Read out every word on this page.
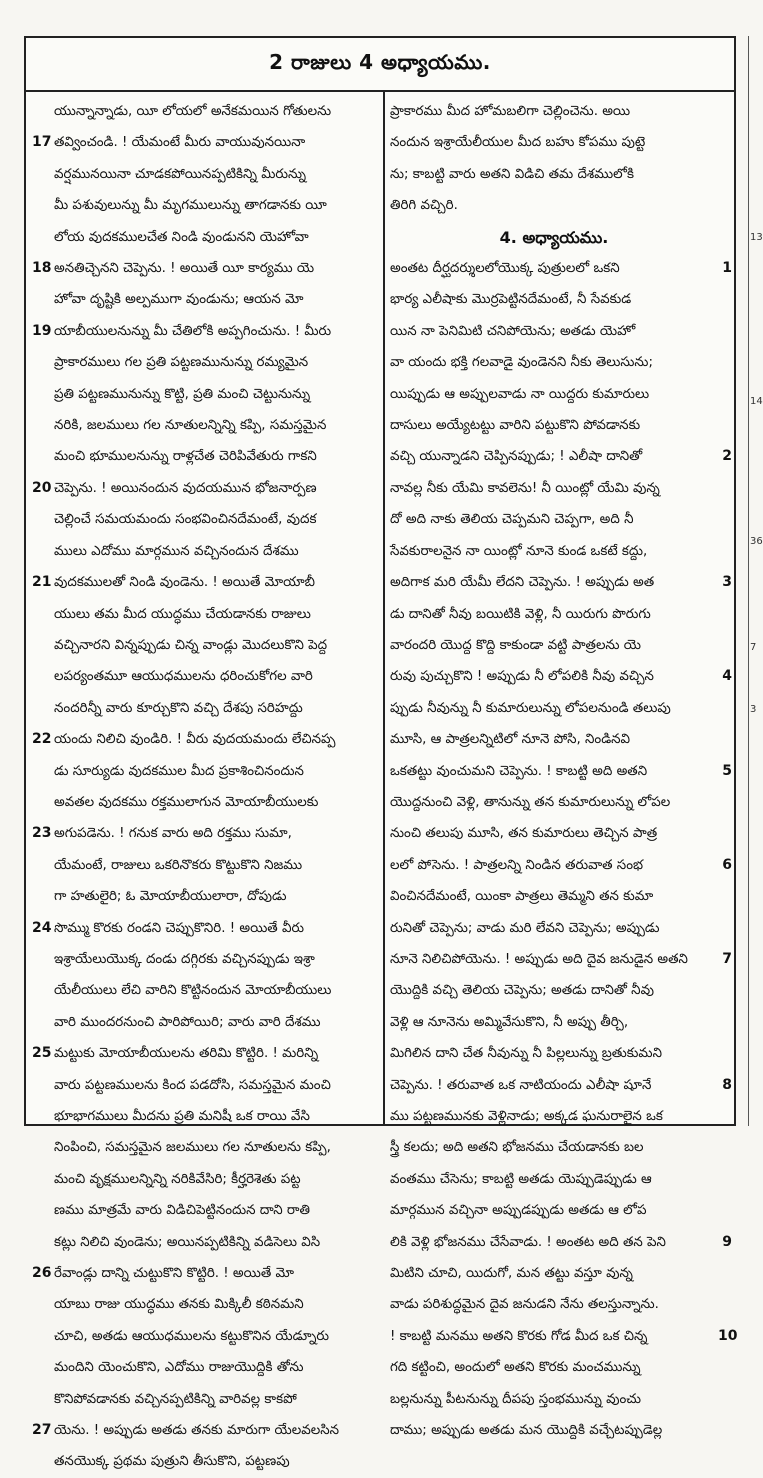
2 రాజులు 4 అధ్యాయము.
యున్నాన్నాడు, యీ లోయలో అనేకమయిన గోతులను
17 తవ్వించండి. ! యేమంటే మీరు వాయువునయినా
వర్షమునయినా చూడకపోయినప్పటికిన్ని మీరున్ను
మీ పశువులున్ను మీ మృగములున్ను తాగడానకు యీ
లోయ వుదకములచేత నిండి వుండునని యెహోవా
18 అనతిచ్చెనని చెప్పెను. ! అయితే యీ కార్యము యె
హోవా దృష్టికి అల్పముగా వుండును; ఆయన మో
19 యాబీయులనున్ను మీ చేతిలోకి అప్పగించును. ! మీరు
ప్రాకారములు గల ప్రతి పట్టణమునున్ను రమ్యమైన
ప్రతి పట్టణమునున్ను కొట్టి, ప్రతి మంచి చెట్టునున్ను
నరికి, జలములు గల నూతులన్నిన్ని కప్పి, సమస్తమైన
మంచి భూములనున్ను రాళ్లచేత చెరిపివేతురు గాకని
20 చెప్పెను. ! అయినందున వుదయమున భోజనార్పణ
చెల్లించే సమయమందు సంభవించినదేమంటే, వుదక
ములు ఎదోము మార్గమున వచ్చినందున దేశము
21 వుదకములతో నిండి వుండెను. ! అయితే మోయాబీ
యులు తమ మీద యుద్ధము చేయడానకు రాజులు
వచ్చినారని విన్నప్పుడు చిన్న వాండ్లు మొదలుకొని పెద్ద
లపర్యంతమూ ఆయుధములను ధరించుకోగల వారి
నందరిన్నీ వారు కూర్చుకొని వచ్చి దేశపు సరిహద్దు
22 యందు నిలిచి వుండిరి. ! వీరు వుదయమందు లేచినప్ప
డు సూర్యుడు వుదకముల మీద ప్రకాశించినందున
అవతల వుదకము రక్తములాగున మోయాబీయులకు
23 అగుపడెను. ! గనుక వారు అది రక్తము సుమా,
యేమంటే, రాజులు ఒకరినొకరు కొట్టుకొని నిజము
గా హతులైరి; ఓ మోయాబీయులారా, దోపుడు
24 సొమ్ము కొరకు రండని చెప్పుకొనిరి. ! అయితే వీరు
ఇశ్రాయేలుయొక్క దండు దగ్గిరకు వచ్చినప్పుడు ఇశ్రా
యేలీయులు లేచి వారిని కొట్టినందున మోయాబీయులు
వారి ముందరనుంచి పారిపోయిరి; వారు వారి దేశము
25 మట్టుకు మోయాబీయులను తరిమి కొట్టిరి. ! మరిన్ని
వారు పట్టణములను కింద పడదోసి, సమస్తమైన మంచి
భూభాగములు మీదను ప్రతి మనిషీ ఒక రాయి వేసి
నింపించి, సమస్తమైన జలములు గల నూతులను కప్పి,
మంచి వృక్షములన్నిన్ని నరికివేసిరి; కీర్హరెశెతు పట్ట
ణము మాత్రమే వారు విడిచిపెట్టినందున దాని రాతి
కట్లు నిలిచి వుండెను; అయినప్పటికిన్ని వడిసెలు విసి
26 రేవాండ్లు దాన్ని చుట్టుకొని కొట్టిరి. ! అయితే మో
యాబు రాజు యుద్ధము తనకు మిక్కిలీ కఠినమని
చూచి, అతడు ఆయుధములను కట్టుకొనిన యేడ్నూరు
మందిని యెంచుకొని, ఎదోము రాజుయొద్దికి తోను
కొనిపోవడానకు వచ్చినప్పటికిన్ని వారివల్ల కాకపో
27 యెను. ! అప్పుడు అతడు తనకు మారుగా యేలవలసిన
తనయొక్క ప్రథమ పుత్రుని తీసుకొని, పట్టణపు
ప్రాకారము మీద హోమబలిగా చెల్లించెను. అయి
నందున ఇశ్రాయేలీయుల మీద బహు కోపము పుట్టె
ను; కాబట్టి వారు అతని విడిచి తమ దేశములోకి
తిరిగి వచ్చిరి.
4. అధ్యాయము.
1
అంతట దీర్ఘదర్శులలోయొక్క పుత్రులలో ఒకని
భార్య ఎలీషాకు మొర్రపెట్టినదేమంటే, నీ సేవకుడ
యిన నా పెనిమిటి చనిపోయెను; అతడు యెహో
వా యందు భక్తి గలవాడై వుండెనని నీకు తెలుసును;
యిప్పుడు ఆ అప్పులవాడు నా యిద్దరు కుమారులు
దాసులు అయ్యేటట్టు వారిని పట్టుకొని పోవడానకు
2
వచ్చి యున్నాడని చెప్పినప్పుడు; ! ఎలీషా దానితో
నావల్ల నీకు యేమి కావలెను! నీ యింట్లో యేమి వున్న
దో అది నాకు తెలియ చెప్పమని చెప్పగా, అది నీ
సేవకురాలనైన నా యింట్లో నూనె కుండ ఒకటే కద్దు,
3
అదిగాక మరి యేమీ లేదని చెప్పెను. ! అప్పుడు అత
డు దానితో నీవు బయిటికి వెళ్లి, నీ యిరుగు పొరుగు
వారందరి యొద్ద కొద్ది కాకుండా వట్టి పాత్రలను యె
4
రువు పుచ్చుకొని ! అప్పుడు నీ లోపలికి నీవు వచ్చిన
ప్పుడు నీవున్ను నీ కుమారులున్ను లోపలనుండి తలుపు
మూసి, ఆ పాత్రలన్నిటిలో నూనె పోసి, నిండినవి
5
ఒకతట్టు వుంచుమని చెప్పెను. ! కాబట్టి అది అతని
యొద్దనుంచి వెళ్లి, తానున్ను తన కుమారులున్ను లోపల
నుంచి తలుపు మూసి, తన కుమారులు తెచ్చిన పాత్ర
6
లలో పోసెను. ! పాత్రలన్ని నిండిన తరువాత సంభ
వించినదేమంటే, యింకా పాత్రలు తెమ్మని తన కుమా
రునితో చెప్పెను; వాడు మరి లేవని చెప్పెను; అప్పుడు
7
నూనె నిలిచిపోయెను. ! అప్పుడు అది దైవ జనుడైన అతని
యొద్దికి వచ్చి తెలియ చెప్పెను; అతడు దానితో నీవు
వెళ్లి ఆ నూనెను అమ్మివేసుకొని, నీ అప్పు తీర్చి,
మిగిలిన దాని చేత నీవున్ను నీ పిల్లలున్ను బ్రతుకుమని
8
చెప్పెను. ! తరువాత ఒక నాటియందు ఎలీషా షూనే
ము పట్టణమునకు వెళ్లినాడు; అక్కడ ఘనురాలైన ఒక
స్త్రీ కలదు; అది అతని భోజనము చేయడానకు బల
వంతము చేసెను; కాబట్టి అతడు యెప్పుడెప్పుడు ఆ
మార్గమున వచ్చినా అప్పుడప్పుడు అతడు ఆ లోప
9
లికి వెళ్లి భోజనము చేసేవాడు. ! అంతట అది తన పెని
మిటిని చూచి, యిదుగో, మన తట్టు వస్తూ వున్న
వాడు పరిశుద్ధమైన దైవ జనుడని నేను తలస్తున్నాను.
10
! కాబట్టి మనము అతని కొరకు గోడ మీద ఒక చిన్న
గది కట్టించి, అందులో అతని కొరకు మంచమున్ను
బల్లనున్ను పీటనున్ను దీపపు స్తంభమున్ను వుంచు
దాము; అప్పుడు అతడు మన యొద్దికి వచ్చేటప్పుడెల్ల
13
14
36
7
3
